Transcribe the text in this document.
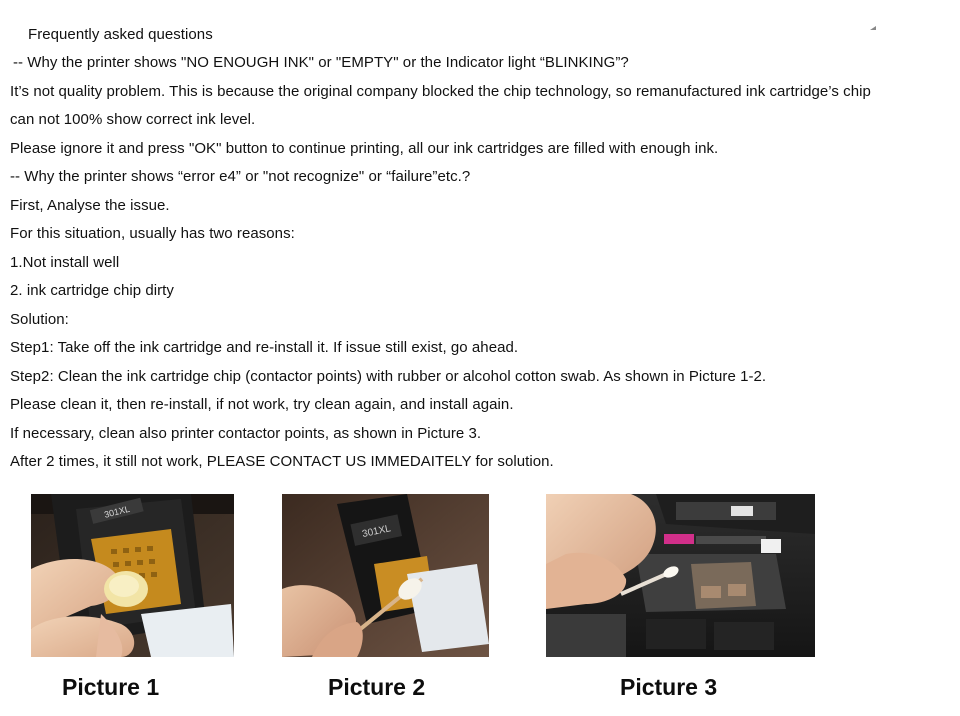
Frequently asked questions
-- Why the printer shows "NO ENOUGH INK" or "EMPTY" or the Indicator light “BLINKING”?
It’s not quality problem. This is because the original company blocked the chip technology, so remanufactured ink cartridge’s chip
can not 100% show correct ink level.
Please ignore it and press "OK" button to continue printing, all our ink cartridges are filled with enough ink.
-- Why the printer shows “error e4” or "not recognize" or “failure”etc.?
First, Analyse the issue.
For this situation, usually has two reasons:
1.Not install well
2. ink cartridge chip dirty
Solution:
Step1: Take off the ink cartridge and re-install it. If issue still exist, go ahead.
Step2: Clean the ink cartridge chip (contactor points) with rubber or alcohol cotton swab. As shown in Picture 1-2.
Please clean it, then re-install, if not work, try clean again, and install again.
If necessary, clean also printer contactor points, as shown in Picture 3.
After 2 times, it still not work, PLEASE CONTACT US IMMEDAITELY for solution.
301XL
301XL
Picture 1	Picture 2	Picture 3
